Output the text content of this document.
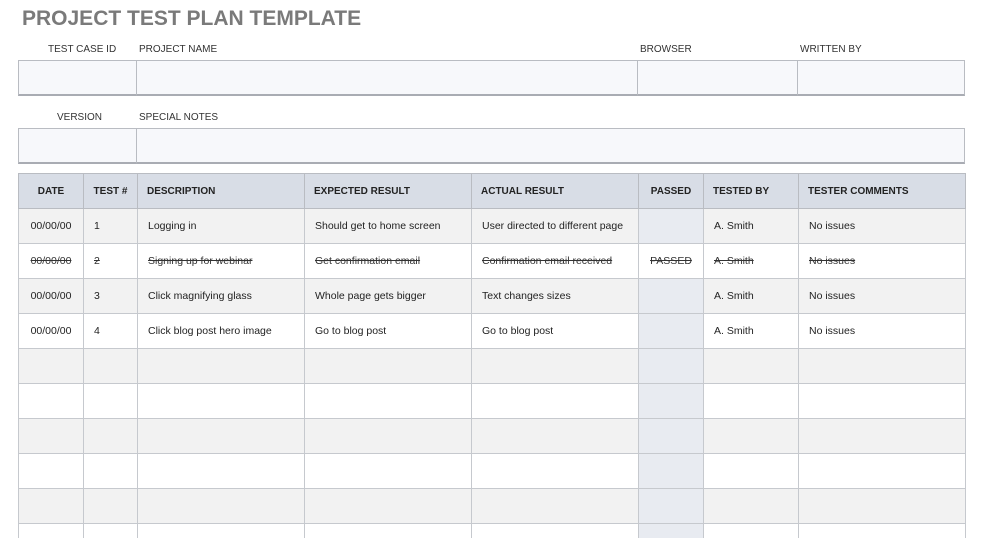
PROJECT TEST PLAN TEMPLATE
TEST CASE ID PROJECT NAME	BROWSER	WRITTEN BY
VERSION	SPECIAL NOTES
DATE	TEST #	DESCRIPTION	EXPECTED RESULT	ACTUAL RESULT	PASSED	TESTED BY	TESTER COMMENTS
00/00/00	1	Logging in	Should get to home screen	User directed to different page		A. Smith	No issues
00/00/00	2	Signing up for webinar	Get confirmation email	Confirmation email received	PASSED	A. Smith	No issues
00/00/00	3	Click magnifying glass	Whole page gets bigger	Text changes sizes		A. Smith	No issues
00/00/00	4	Click blog post hero image	Go to blog post	Go to blog post		A. Smith	No issues
